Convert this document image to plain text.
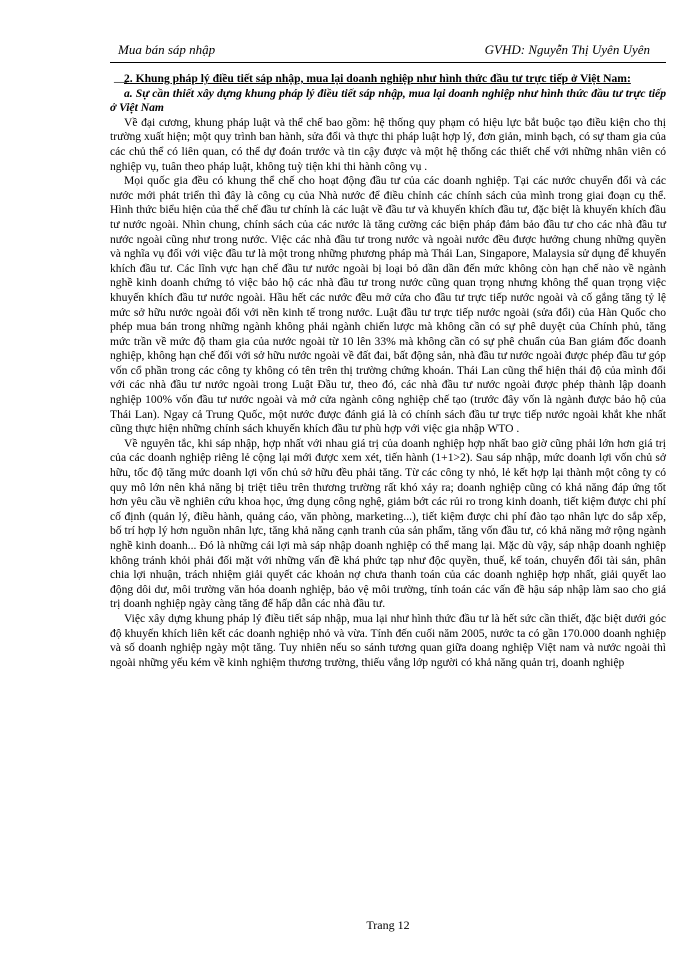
Mua bán sáp nhập	GVHD: Nguyễn Thị Uyên Uyên
__

2. Khung pháp lý điều tiết sáp nhập, mua lại doanh nghiệp như hình thức đầu tư trực tiếp ở Việt Nam:

a. Sự cần thiết xây dựng khung pháp lý điều tiết sáp nhập, mua lại doanh nghiệp như hình thức đầu tư trực tiếp ở Việt Nam

Về đại cương, khung pháp luật và thể chế bao gồm: hệ thống quy phạm có hiệu lực bắt buộc tạo điều kiện cho thị trường xuất hiện; một quy trình ban hành, sửa đổi và thực thi pháp luật hợp lý, đơn giản, minh bạch, có sự tham gia của các chủ thể có liên quan, có thể dự đoán trước và tin cậy được và một hệ thống các thiết chế với những nhân viên có nghiệp vụ, tuân theo pháp luật, không tuỳ tiện khi thi hành công vụ .

Mọi quốc gia đều có khung thể chế cho hoạt động đầu tư của các doanh nghiệp. Tại các nước chuyển đổi và các nước mới phát triển thì đây là công cụ của Nhà nước để điều chỉnh các chính sách của mình trong giai đoạn cụ thể. Hình thức biểu hiện của thể chế đầu tư chính là các luật về đầu tư và khuyến khích đầu tư, đặc biệt là khuyến khích đầu tư nước ngoài. Nhìn chung, chính sách của các nước là tăng cường các biện pháp đảm bảo đầu tư cho các nhà đầu tư nước ngoài cũng như trong nước. Việc các nhà đầu tư trong nước và ngoài nước đều được hưởng chung những quyền và nghĩa vụ đối với việc đầu tư là một trong những phương pháp mà Thái Lan, Singapore, Malaysia sử dụng để khuyến khích đầu tư. Các lĩnh vực hạn chế đầu tư nước ngoài bị loại bỏ dần dần đến mức không còn hạn chế nào về ngành nghề kinh doanh chứng tỏ việc bảo hộ các nhà đầu tư trong nước cũng quan trọng nhưng không thể quan trọng việc khuyến khích đầu tư nước ngoài. Hầu hết các nước đều mở cửa cho đầu tư trực tiếp nước ngoài và cố gắng tăng tỷ lệ mức sở hữu nước ngoài đối với nền kinh tế trong nước. Luật đầu tư trực tiếp nước ngoài (sửa đổi) của Hàn Quốc cho phép mua bán trong những ngành không phải ngành chiến lược mà không cần có sự phê duyệt của Chính phủ, tăng mức trần về mức độ tham gia của nước ngoài từ 10 lên 33% mà không cần có sự phê chuẩn của Ban giám đốc doanh nghiệp, không hạn chế đối với sở hữu nước ngoài về đất đai, bất động sản, nhà đầu tư nước ngoài được phép đầu tư góp vốn cổ phần trong các công ty không có tên trên thị trường chứng khoán. Thái Lan cũng thể hiện thái độ của mình đối với các nhà đầu tư nước ngoài trong Luật Đầu tư, theo đó, các nhà đầu tư nước ngoài được phép thành lập doanh nghiệp 100% vốn đầu tư nước ngoài và mở cửa ngành công nghiệp chế tạo (trước đây vốn là ngành được bảo hộ của Thái Lan). Ngay cả Trung Quốc, một nước được đánh giá là có chính sách đầu tư trực tiếp nước ngoài khắt khe nhất cũng thực hiện những chính sách khuyến khích đầu tư phù hợp với việc gia nhập WTO .

Về nguyên tắc, khi sáp nhập, hợp nhất với nhau giá trị của doanh nghiệp hợp nhất bao giờ cũng phải lớn hơn giá trị của các doanh nghiệp riêng lẻ cộng lại mới được xem xét, tiến hành (1+1>2). Sau sáp nhập, mức doanh lợi vốn chủ sở hữu, tốc độ tăng mức doanh lợi vốn chủ sở hữu đều phải tăng. Từ các công ty nhỏ, lẻ kết hợp lại thành một công ty có quy mô lớn nên khả năng bị triệt tiêu trên thương trường rất khó xảy ra; doanh nghiệp cũng có khả năng đáp ứng tốt hơn yêu cầu về nghiên cứu khoa học, ứng dụng công nghệ, giảm bớt các rủi ro trong kinh doanh, tiết kiệm được chi phí cố định (quản lý, điều hành, quảng cáo, văn phòng, marketing...), tiết kiệm được chi phí đào tạo nhân lực do sắp xếp, bố trí hợp lý hơn nguồn nhân lực, tăng khả năng cạnh tranh của sản phẩm, tăng vốn đầu tư, có khả năng mở rộng ngành nghề kinh doanh... Đó là những cái lợi mà sáp nhập doanh nghiệp có thể mang lại. Mặc dù vậy, sáp nhập doanh nghiệp không tránh khỏi phải đối mặt với những vấn đề khá phức tạp như độc quyền, thuế, kế toán, chuyển đổi tài sản, phân chia lợi nhuận, trách nhiệm giải quyết các khoản nợ chưa thanh toán của các doanh nghiệp hợp nhất, giải quyết lao động dôi dư, môi trường văn hóa doanh nghiệp, bảo vệ môi trường, tính toán các vấn đề hậu sáp nhập làm sao cho giá trị doanh nghiệp ngày càng tăng để hấp dẫn các nhà đầu tư.

Việc xây dựng khung pháp lý điều tiết sáp nhập, mua lại như hình thức đầu tư là hết sức cần thiết, đặc biệt dưới góc độ khuyến khích liên kết các doanh nghiệp nhỏ và vừa. Tính đến cuối năm 2005, nước ta có gần 170.000 doanh nghiệp và số doanh nghiệp ngày một tăng. Tuy nhiên nếu so sánh tương quan giữa doang nghiệp Việt nam và nước ngoài thì ngoài những yếu kém về kinh nghiệm thương trường, thiếu vắng lớp người có khả năng quản trị, doanh nghiệp

Trang 12
